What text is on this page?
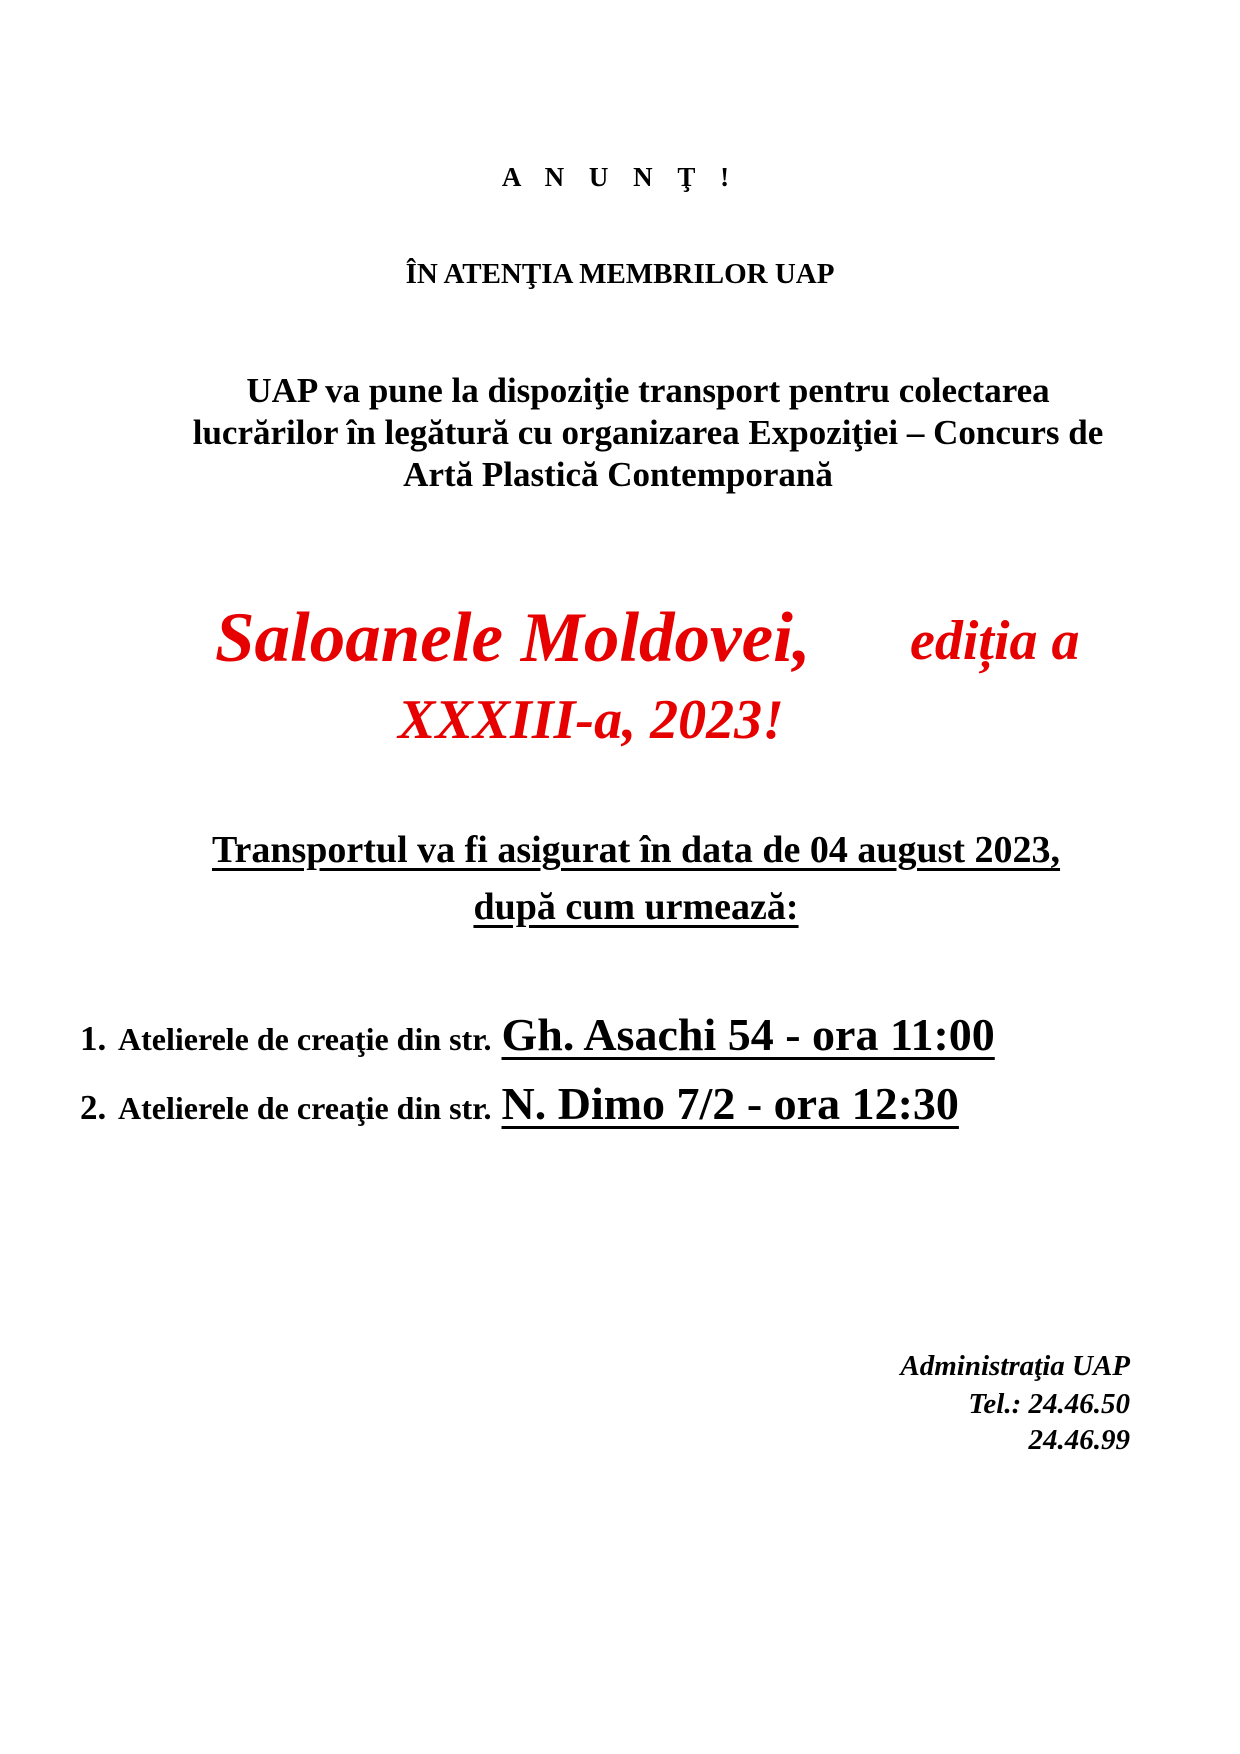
A N U N Ţ !
ÎN ATENŢIA MEMBRILOR UAP
UAP va pune la dispoziţie transport pentru colectarea
lucrărilor în legătură cu organizarea Expoziţiei – Concurs de
Artă Plastică Contemporană
Saloanele Moldovei, ediția a
XXXIII-a, 2023!
Transportul va fi asigurat în data de 04 august 2023,
după cum urmează:
1. Atelierele de creaţie din str. Gh. Asachi 54 - ora 11:00
2. Atelierele de creaţie din str. N. Dimo 7/2 - ora 12:30
Administraţia UAP
Tel.: 24.46.50
24.46.99
